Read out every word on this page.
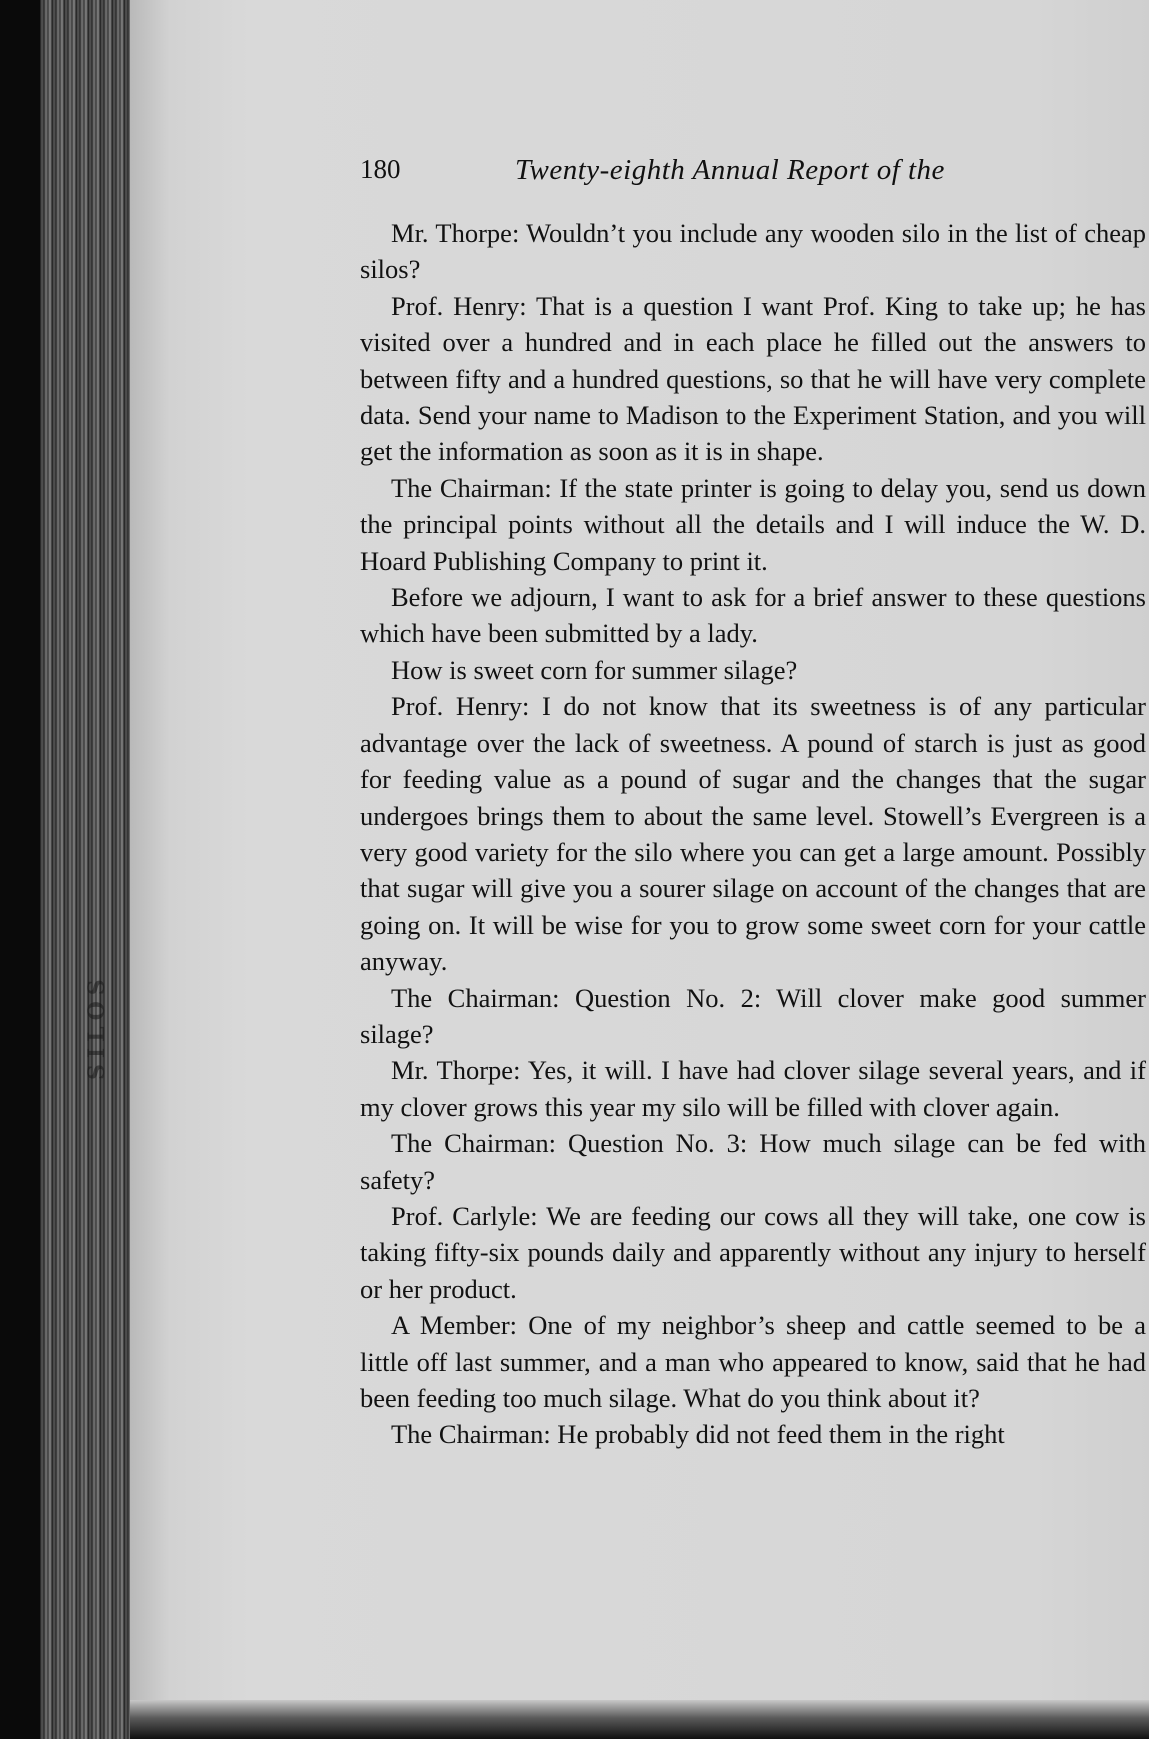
SILOS
180	Twenty-eighth Annual Report of the

Mr. Thorpe: Wouldn’t you include any wooden silo in the list of cheap silos?

Prof. Henry: That is a question I want Prof. King to take up; he has visited over a hundred and in each place he filled out the answers to between fifty and a hundred questions, so that he will have very complete data. Send your name to Madison to the Experiment Station, and you will get the information as soon as it is in shape.

The Chairman: If the state printer is going to delay you, send us down the principal points without all the details and I will induce the W. D. Hoard Publishing Company to print it.

Before we adjourn, I want to ask for a brief answer to these questions which have been submitted by a lady.

How is sweet corn for summer silage?

Prof. Henry: I do not know that its sweetness is of any particular advantage over the lack of sweetness. A pound of starch is just as good for feeding value as a pound of sugar and the changes that the sugar undergoes brings them to about the same level. Stowell’s Evergreen is a very good variety for the silo where you can get a large amount. Possibly that sugar will give you a sourer silage on account of the changes that are going on. It will be wise for you to grow some sweet corn for your cattle anyway.

The Chairman: Question No. 2: Will clover make good summer silage?

Mr. Thorpe: Yes, it will. I have had clover silage several years, and if my clover grows this year my silo will be filled with clover again.

The Chairman: Question No. 3: How much silage can be fed with safety?

Prof. Carlyle: We are feeding our cows all they will take, one cow is taking fifty-six pounds daily and apparently without any injury to herself or her product.

A Member: One of my neighbor’s sheep and cattle seemed to be a little off last summer, and a man who appeared to know, said that he had been feeding too much silage. What do you think about it?

The Chairman: He probably did not feed them in the right
